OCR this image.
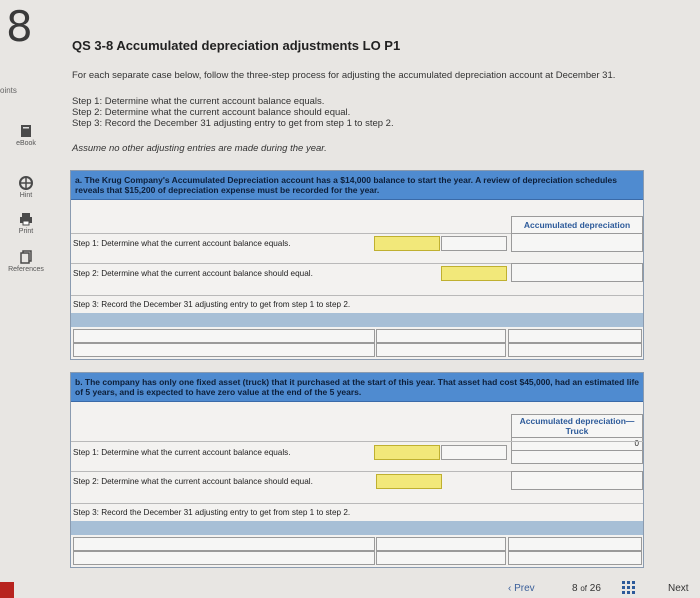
8
oints
eBook
Hint
Print
References
QS 3-8 Accumulated depreciation adjustments LO P1
For each separate case below, follow the three-step process for adjusting the accumulated depreciation account at December 31.
Step 1: Determine what the current account balance equals.
Step 2: Determine what the current account balance should equal.
Step 3: Record the December 31 adjusting entry to get from step 1 to step 2.
Assume no other adjusting entries are made during the year.
a. The Krug Company's Accumulated Depreciation account has a $14,000 balance to start the year. A review of depreciation schedules reveals that $15,200 of depreciation expense must be recorded for the year.
Accumulated depreciation
Step 1: Determine what the current account balance equals.
Step 2: Determine what the current account balance should equal.
Step 3: Record the December 31 adjusting entry to get from step 1 to step 2.
b. The company has only one fixed asset (truck) that it purchased at the start of this year. That asset had cost $45,000, had an estimated life of 5 years, and is expected to have zero value at the end of the 5 years.
Accumulated depreciation—
Truck
0
Step 1: Determine what the current account balance equals.
Step 2: Determine what the current account balance should equal.
Step 3: Record the December 31 adjusting entry to get from step 1 to step 2.
‹ Prev	8 of 26	Next
